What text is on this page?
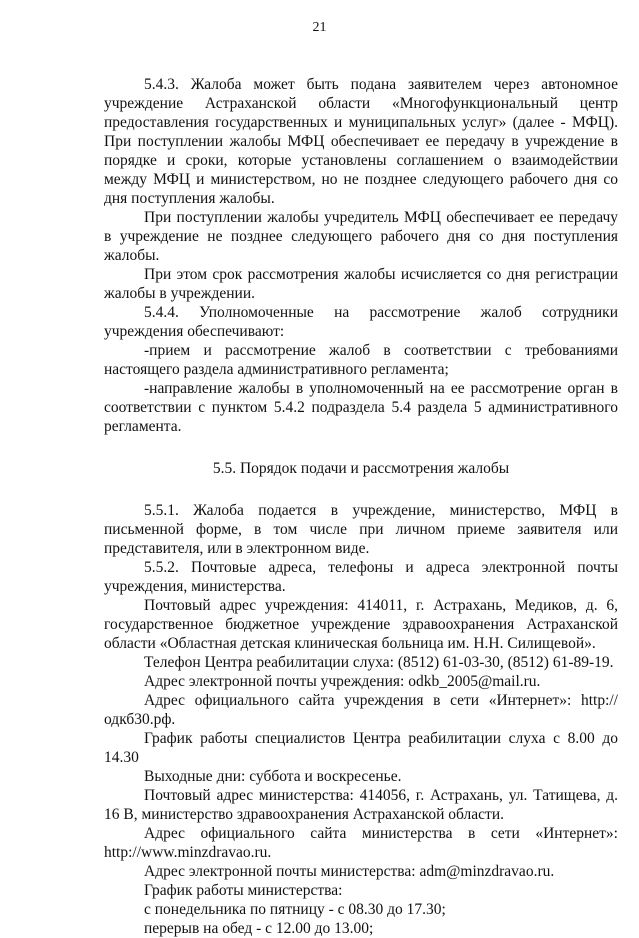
21

5.4.3. Жалоба может быть подана заявителем через автономное учреждение Астраханской области «Многофункциональный центр предоставления государственных и муниципальных услуг» (далее - МФЦ). При поступлении жалобы МФЦ обеспечивает ее передачу в учреждение в порядке и сроки, которые установлены соглашением о взаимодействии между МФЦ и министерством, но не позднее следующего рабочего дня со дня поступления жалобы.

При поступлении жалобы учредитель МФЦ обеспечивает ее передачу в учреждение не позднее следующего рабочего дня со дня поступления жалобы.

При этом срок рассмотрения жалобы исчисляется со дня регистрации жалобы в учреждении.

5.4.4. Уполномоченные на рассмотрение жалоб сотрудники учреждения обеспечивают:

-прием и рассмотрение жалоб в соответствии с требованиями настоящего раздела административного регламента;

-направление жалобы в уполномоченный на ее рассмотрение орган в соответствии с пунктом 5.4.2 подраздела 5.4 раздела 5 административного регламента.

5.5. Порядок подачи и рассмотрения жалобы

5.5.1. Жалоба подается в учреждение, министерство, МФЦ в письменной форме, в том числе при личном приеме заявителя или представителя, или в электронном виде.

5.5.2. Почтовые адреса, телефоны и адреса электронной почты учреждения, министерства.

Почтовый адрес учреждения: 414011, г. Астрахань, Медиков, д. 6, государственное бюджетное учреждение здравоохранения Астраханской области «Областная детская клиническая больница им. Н.Н. Силищевой».

Телефон Центра реабилитации слуха: (8512) 61-03-30, (8512) 61-89-19.

Адрес электронной почты учреждения: odkb_2005@mail.ru.

Адрес официального сайта учреждения в сети «Интернет»: http://одкб30.рф.

График работы специалистов Центра реабилитации слуха с 8.00 до 14.30

Выходные дни: суббота и воскресенье.

Почтовый адрес министерства: 414056, г. Астрахань, ул. Татищева, д. 16 В, министерство здравоохранения Астраханской области.

Адрес официального сайта министерства в сети «Интернет»: http://www.minzdravao.ru.

Адрес электронной почты министерства: adm@minzdravao.ru.

График работы министерства:

с понедельника по пятницу - с 08.30 до 17.30;

перерыв на обед - с 12.00 до 13.00;
